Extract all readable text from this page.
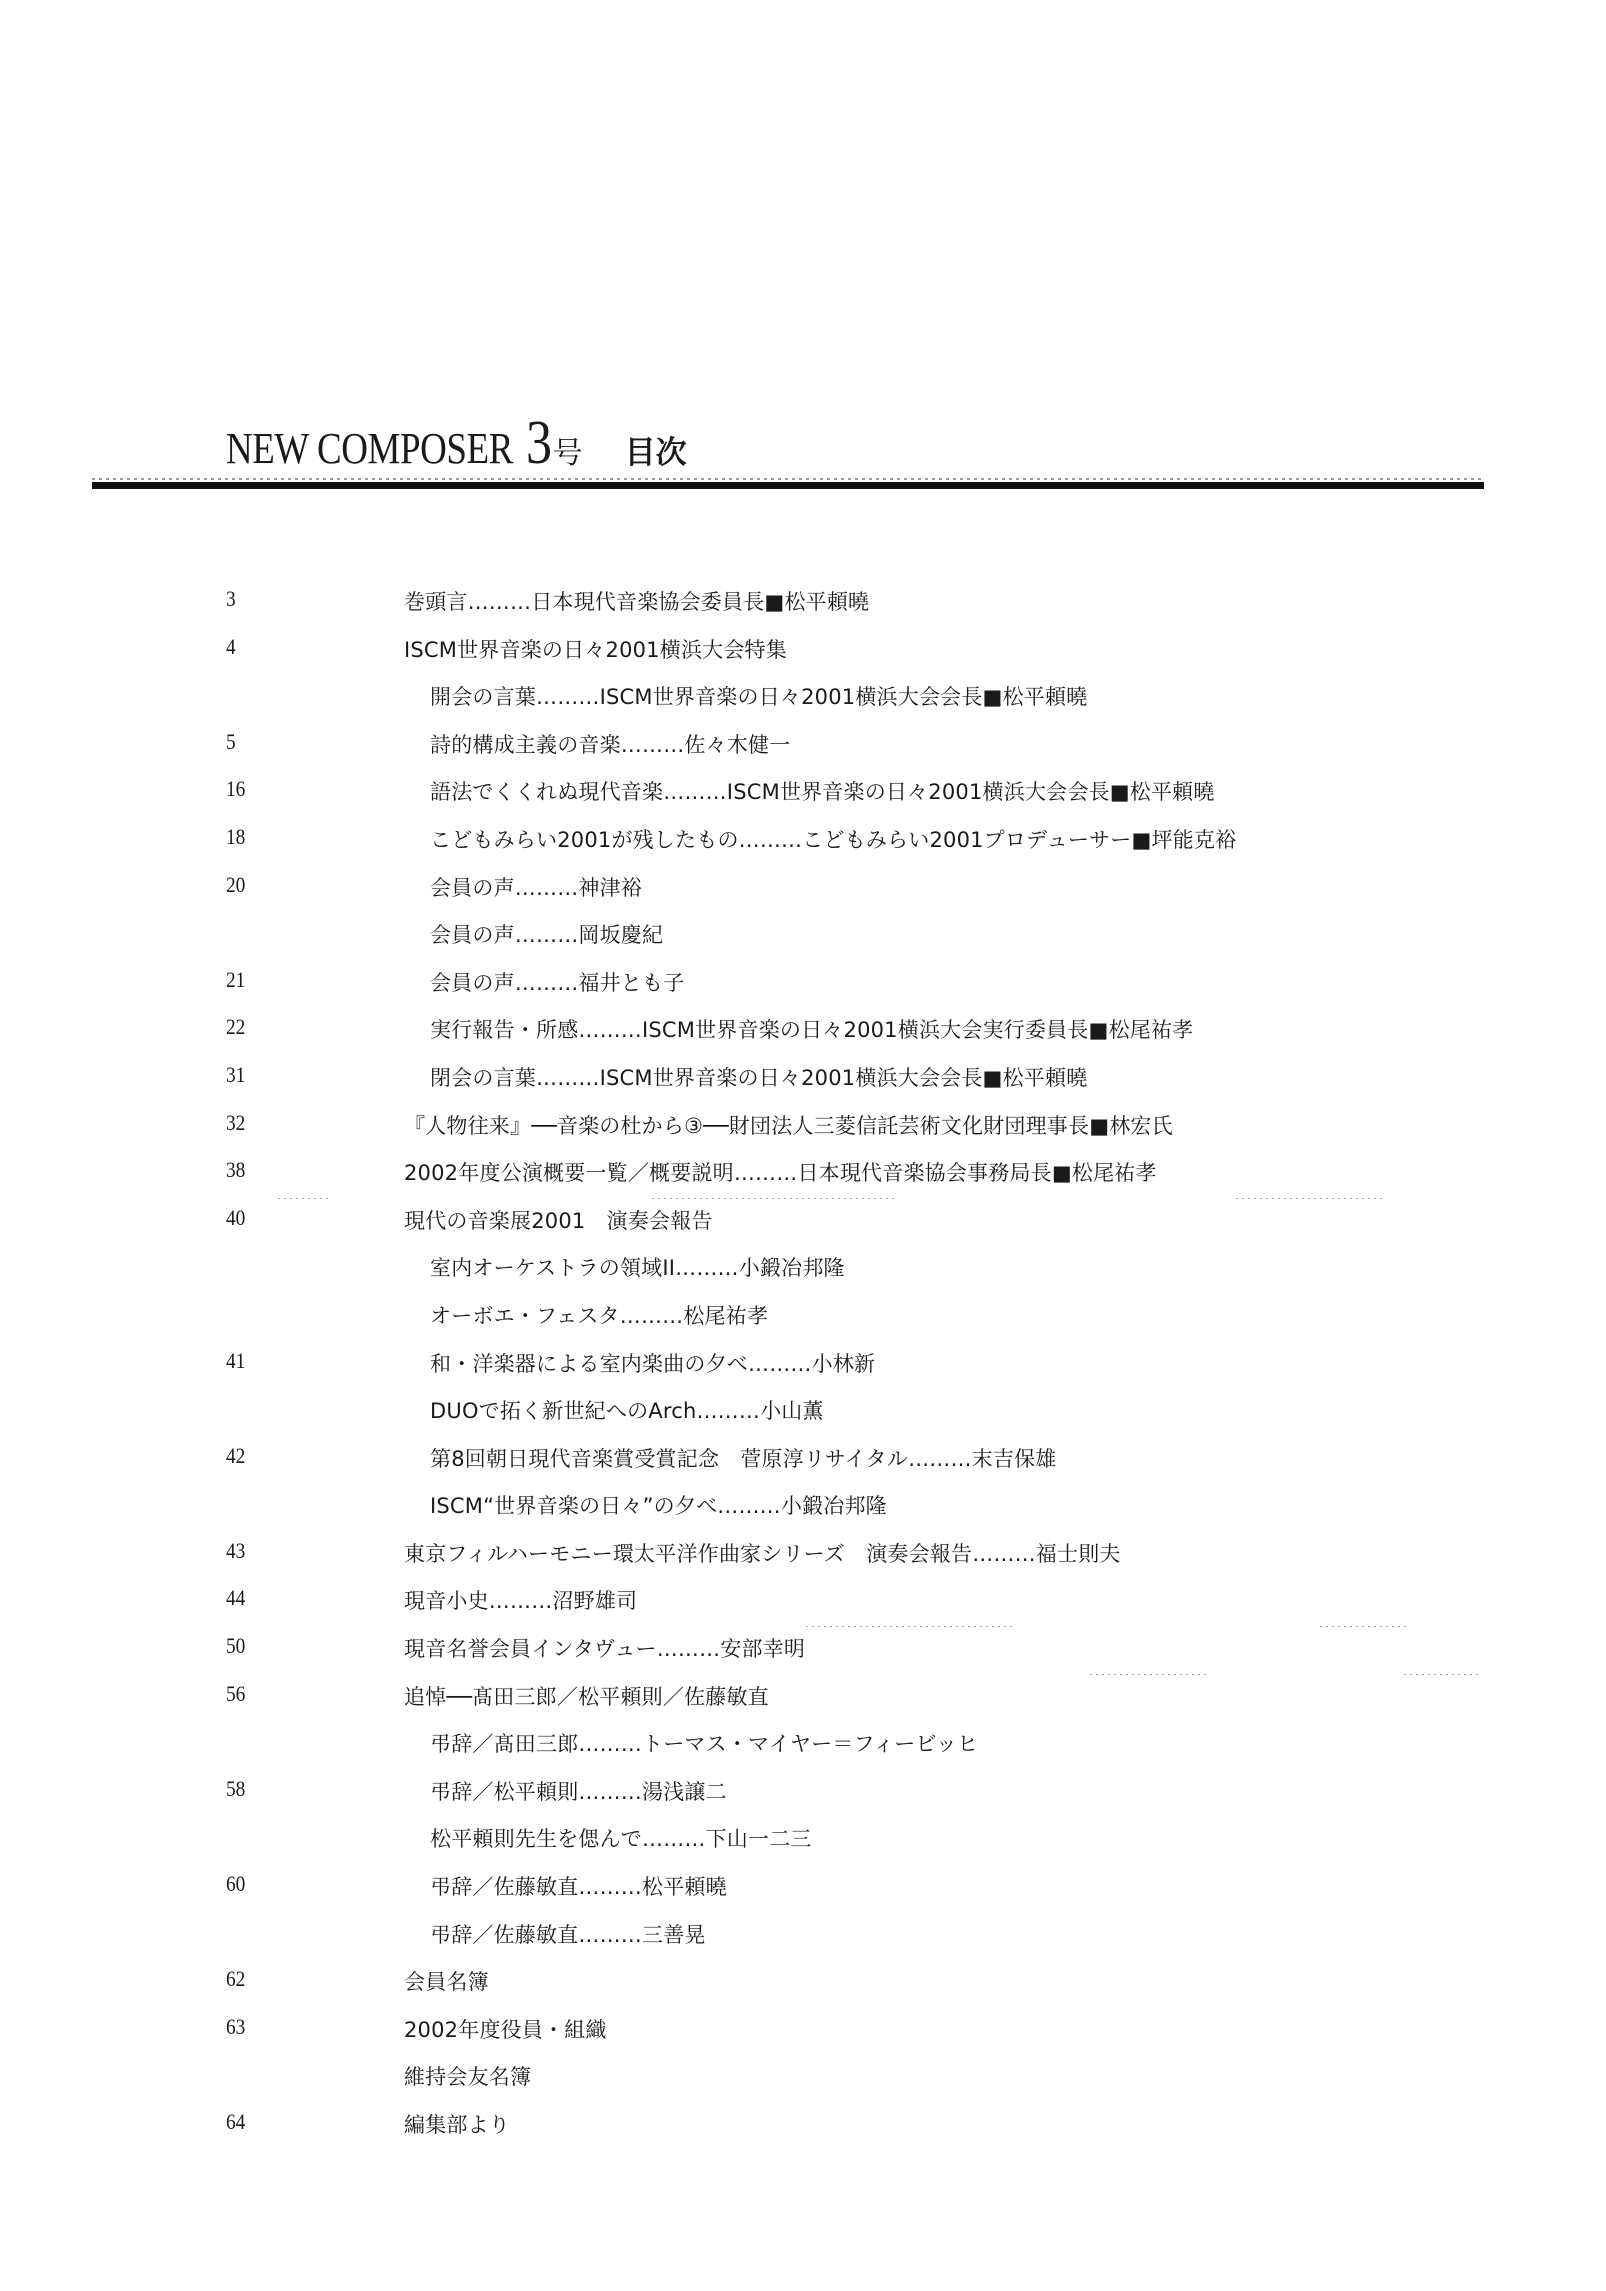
NEW COMPOSER 3 号 目次
3	巻頭言………日本現代音楽協会委員長■松平頼曉
4	ISCM世界音楽の日々2001横浜大会特集
開会の言葉………ISCM世界音楽の日々2001横浜大会会長■松平頼曉
5	詩的構成主義の音楽………佐々木健一
16	語法でくくれぬ現代音楽………ISCM世界音楽の日々2001横浜大会会長■松平頼曉
18	こどもみらい2001が残したもの………こどもみらい2001プロデューサー■坪能克裕
20	会員の声………神津裕
会員の声………岡坂慶紀
21	会員の声………福井とも子
22	実行報告・所感………ISCM世界音楽の日々2001横浜大会実行委員長■松尾祐孝
31	閉会の言葉………ISCM世界音楽の日々2001横浜大会会長■松平頼曉
32	『人物往来』──音楽の杜から③──財団法人三菱信託芸術文化財団理事長■林宏氏
38	2002年度公演概要一覧／概要説明………日本現代音楽協会事務局長■松尾祐孝
40	現代の音楽展2001　演奏会報告
室内オーケストラの領域II………小鍛冶邦隆
オーボエ・フェスタ………松尾祐孝
41	和・洋楽器による室内楽曲の夕べ………小林新
DUOで拓く新世紀へのArch………小山薫
42	第8回朝日現代音楽賞受賞記念　菅原淳リサイタル………末吉保雄
ISCM“世界音楽の日々”の夕べ………小鍛冶邦隆
43	東京フィルハーモニー環太平洋作曲家シリーズ　演奏会報告………福士則夫
44	現音小史………沼野雄司
50	現音名誉会員インタヴュー………安部幸明
56	追悼──髙田三郎／松平頼則／佐藤敏直
弔辞／髙田三郎………トーマス・マイヤー＝フィービッヒ
58	弔辞／松平頼則………湯浅譲二
松平頼則先生を偲んで………下山一二三
60	弔辞／佐藤敏直………松平頼曉
弔辞／佐藤敏直………三善晃
62	会員名簿
63	2002年度役員・組織
維持会友名簿
64	編集部より
